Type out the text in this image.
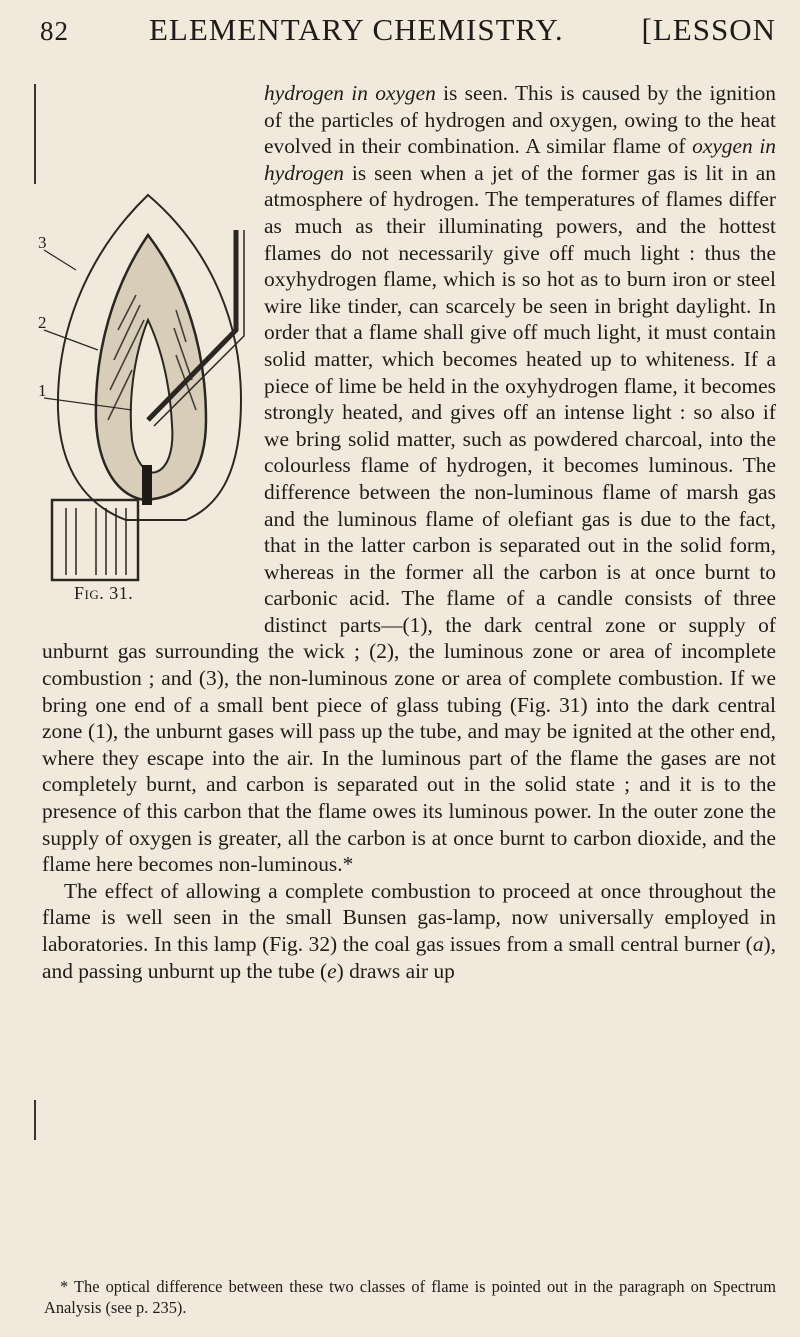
82	ELEMENTARY CHEMISTRY.	[LESSON

3
2
1
Fig. 31.
hydrogen in oxygen is seen. This is caused by the ignition of the particles of hydrogen and oxygen, owing to the heat evolved in their combination. A similar flame of oxygen in hydrogen is seen when a jet of the former gas is lit in an atmosphere of hydrogen. The temperatures of flames differ as much as their illuminating powers, and the hottest flames do not necessarily give off much light : thus the oxyhydrogen flame, which is so hot as to burn iron or steel wire like tinder, can scarcely be seen in bright daylight. In order that a flame shall give off much light, it must contain solid matter, which becomes heated up to whiteness. If a piece of lime be held in the oxyhydrogen flame, it becomes strongly heated, and gives off an intense light : so also if we bring solid matter, such as powdered charcoal, into the colourless flame of hydrogen, it becomes luminous. The difference between the non-luminous flame of marsh gas and the luminous flame of olefiant gas is due to the fact, that in the latter carbon is separated out in the solid form, whereas in the former all the carbon is at once burnt to carbonic acid. The flame of a candle consists of three distinct parts—(1), the dark central zone or supply of unburnt gas surrounding the wick ; (2), the luminous zone or area of incomplete combustion ; and (3), the non-luminous zone or area of complete combustion. If we bring one end of a small bent piece of glass tubing (Fig. 31) into the dark central zone (1), the unburnt gases will pass up the tube, and may be ignited at the other end, where they escape into the air. In the luminous part of the flame the gases are not completely burnt, and carbon is separated out in the solid state ; and it is to the presence of this carbon that the flame owes its luminous power. In the outer zone the supply of oxygen is greater, all the carbon is at once burnt to carbon dioxide, and the flame here becomes non-luminous.*

The effect of allowing a complete combustion to proceed at once throughout the flame is well seen in the small Bunsen gas-lamp, now universally employed in laboratories. In this lamp (Fig. 32) the coal gas issues from a small central burner (a), and passing unburnt up the tube (e) draws air up

* The optical difference between these two classes of flame is pointed out in the paragraph on Spectrum Analysis (see p. 235).
